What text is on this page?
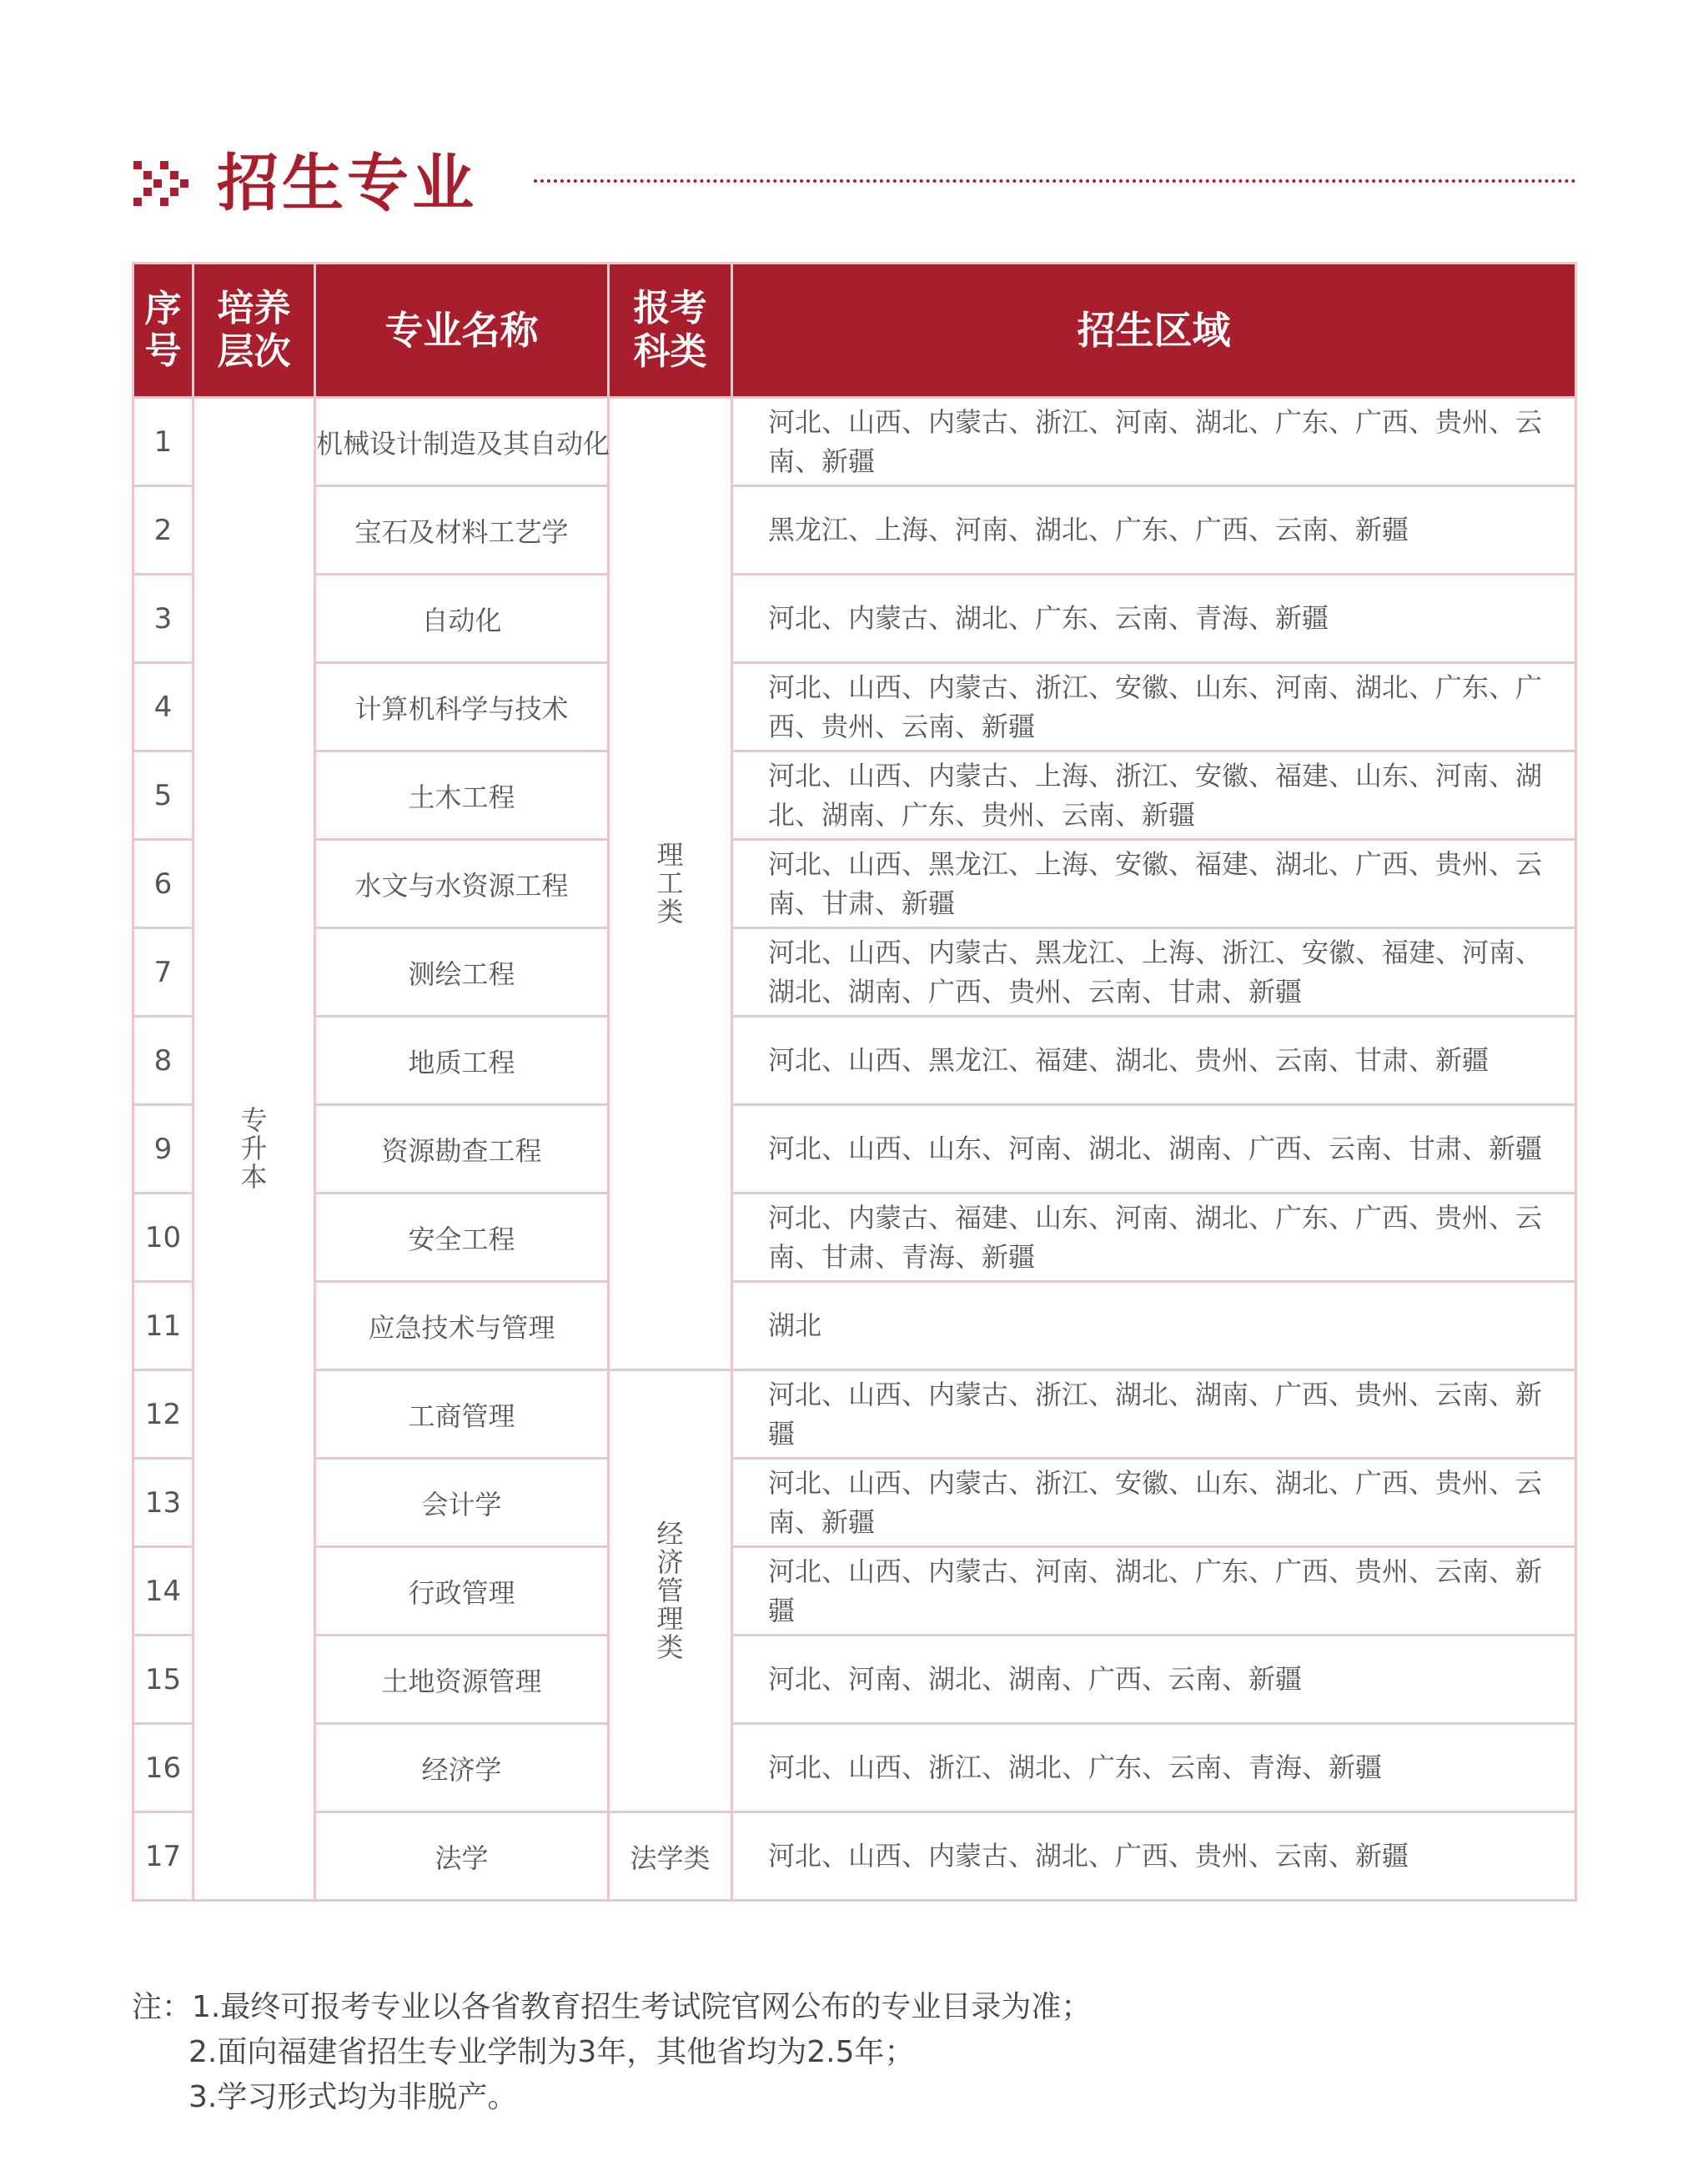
招生专业
序号	培养层次	专业名称	报考科类	招生区域
1	专升本	机械设计制造及其自动化	理工类	河北、山西、内蒙古、浙江、河南、湖北、广东、广西、贵州、云南、新疆
2		宝石及材料工艺学		黑龙江、上海、河南、湖北、广东、广西、云南、新疆
3		自动化		河北、内蒙古、湖北、广东、云南、青海、新疆
4		计算机科学与技术		河北、山西、内蒙古、浙江、安徽、山东、河南、湖北、广东、广西、贵州、云南、新疆
5		土木工程		河北、山西、内蒙古、上海、浙江、安徽、福建、山东、河南、湖北、湖南、广东、贵州、云南、新疆
6		水文与水资源工程		河北、山西、黑龙江、上海、安徽、福建、湖北、广西、贵州、云南、甘肃、新疆
7		测绘工程		河北、山西、内蒙古、黑龙江、上海、浙江、安徽、福建、河南、湖北、湖南、广西、贵州、云南、甘肃、新疆
8		地质工程		河北、山西、黑龙江、福建、湖北、贵州、云南、甘肃、新疆
9		资源勘查工程		河北、山西、山东、河南、湖北、湖南、广西、云南、甘肃、新疆
10		安全工程		河北、内蒙古、福建、山东、河南、湖北、广东、广西、贵州、云南、甘肃、青海、新疆
11		应急技术与管理		湖北
12		工商管理	经济管理类	河北、山西、内蒙古、浙江、湖北、湖南、广西、贵州、云南、新疆
13		会计学		河北、山西、内蒙古、浙江、安徽、山东、湖北、广西、贵州、云南、新疆
14		行政管理		河北、山西、内蒙古、河南、湖北、广东、广西、贵州、云南、新疆
15		土地资源管理		河北、河南、湖北、湖南、广西、云南、新疆
16		经济学		河北、山西、浙江、湖北、广东、云南、青海、新疆
17		法学	法学类	河北、山西、内蒙古、湖北、广西、贵州、云南、新疆
注：1.最终可报考专业以各省教育招生考试院官网公布的专业目录为准；
2.面向福建省招生专业学制为3年，其他省均为2.5年；
3.学习形式均为非脱产。
